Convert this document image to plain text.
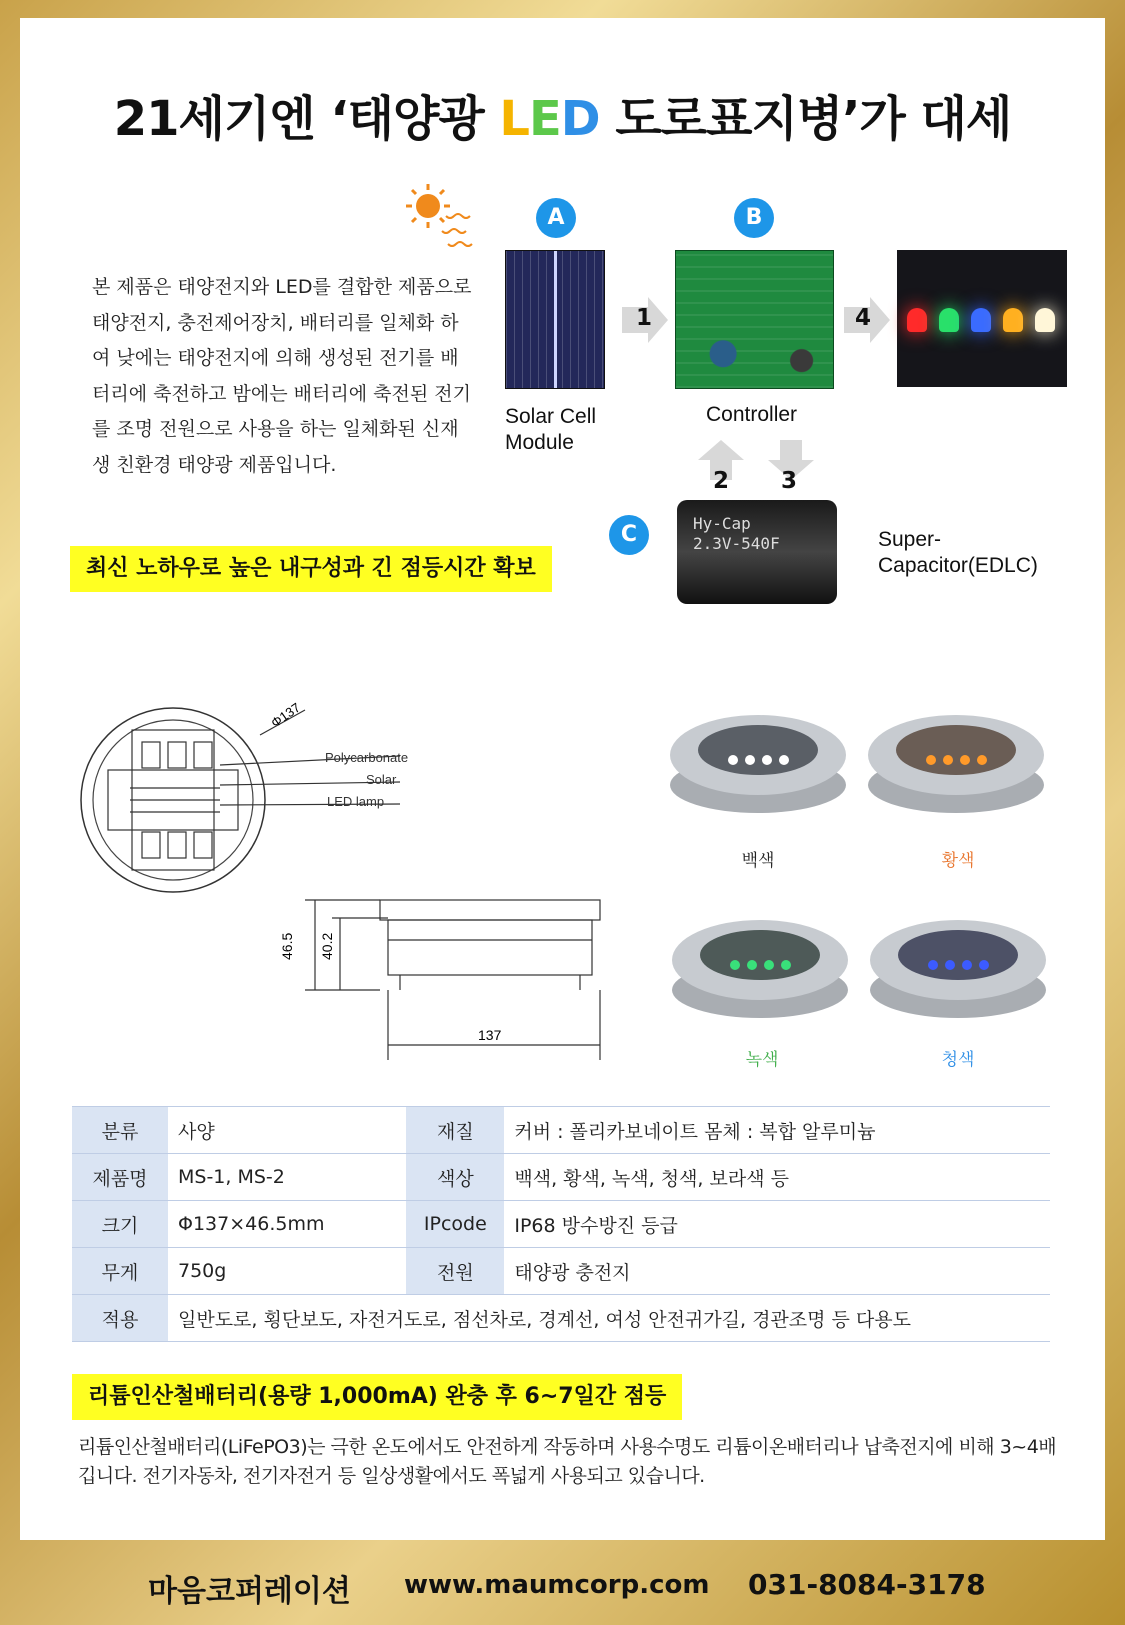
21세기엔 ‘태양광 LED 도로표지병’가 대세
본 제품은 태양전지와 LED를 결합한 제품으로 태양전지, 충전제어장치, 배터리를 일체화 하여 낮에는 태양전지에 의해 생성된 전기를 배터리에 축전하고 밤에는 배터리에 축전된 전기를 조명 전원으로 사용을 하는 일체화된 신재생 친환경 태양광 제품입니다.
최신 노하우로 높은 내구성과 긴 점등시간 확보
A	B
C
1	4
2 3
Solar Cell
Module
Controller
Hy-Cap
2.3V-540F	Super-
Capacitor(EDLC)
Φ137
Polycarbonate
Solar
LED lamp
46.5 40.2
137
백색	황색
녹색	청색
분류	사양	재질	커버 : 폴리카보네이트 몸체 : 복합 알루미늄
제품명	MS-1, MS-2	색상	백색, 황색, 녹색, 청색, 보라색 등
크기	Φ137×46.5mm	IPcode	IP68 방수방진 등급
무게	750g	전원	태양광 충전지
적용	일반도로, 횡단보도, 자전거도로, 점선차로, 경계선, 여성 안전귀가길, 경관조명 등 다용도		
리튬인산철배터리(용량 1,000mA) 완충 후 6~7일간 점등
리튬인산철배터리(LiFePO3)는 극한 온도에서도 안전하게 작동하며 사용수명도 리튬이온배터리나 납축전지에 비해 3~4배 깁니다. 전기자동차, 전기자전거 등 일상생활에서도 폭넓게 사용되고 있습니다.
마음코퍼레이션 www.maumcorp.com 031-8084-3178
